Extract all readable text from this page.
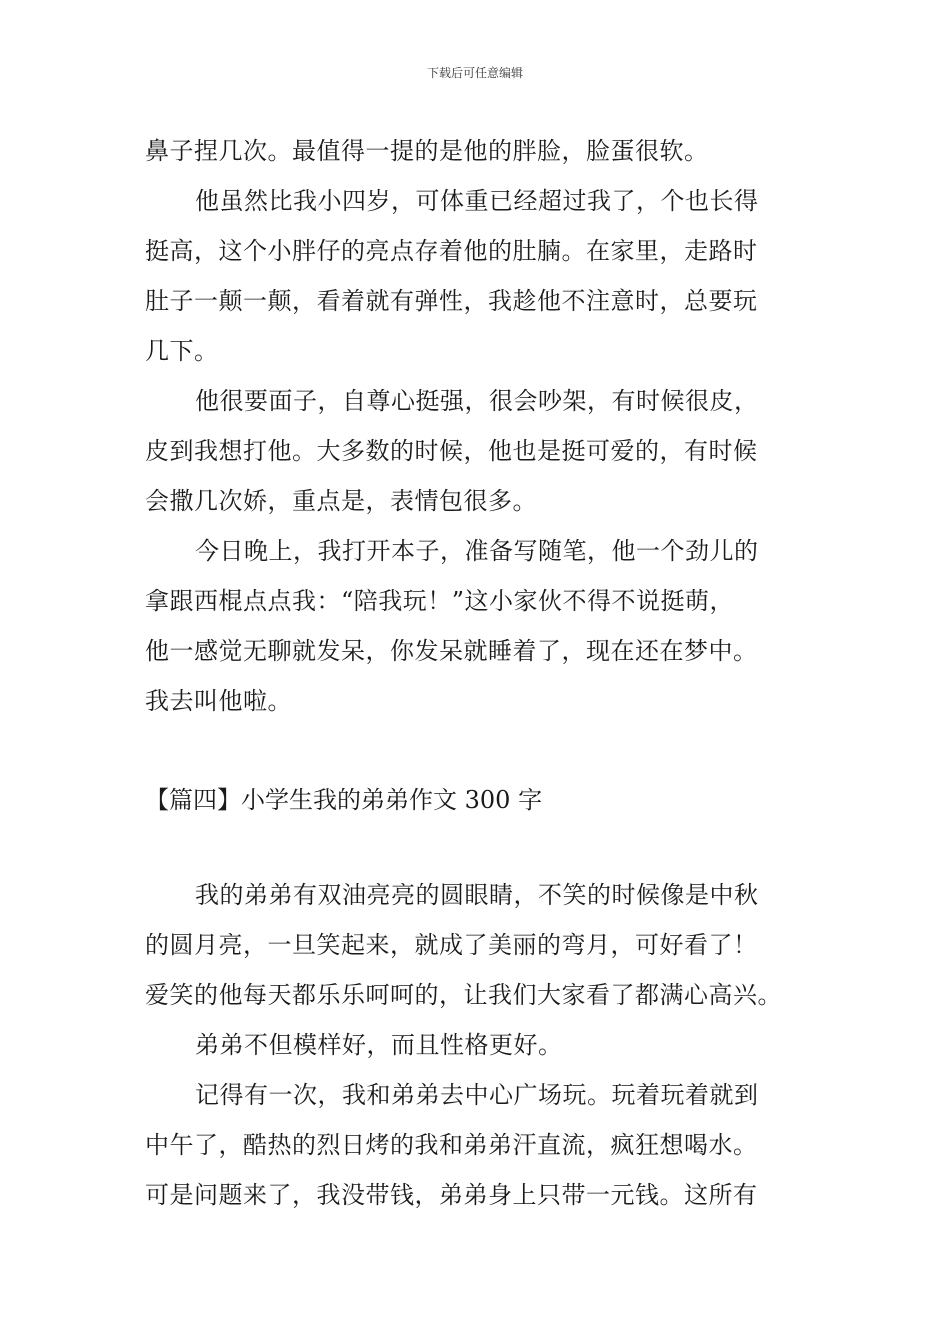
下载后可任意编辑
鼻子捏几次。最值得一提的是他的胖脸，脸蛋很软。
他虽然比我小四岁，可体重已经超过我了，个也长得
挺高，这个小胖仔的亮点存着他的肚腩。在家里，走路时
肚子一颠一颠，看着就有弹性，我趁他不注意时，总要玩
几下。
他很要面子，自尊心挺强，很会吵架，有时候很皮，
皮到我想打他。大多数的时候，他也是挺可爱的，有时候
会撒几次娇，重点是，表情包很多。
今日晚上，我打开本子，准备写随笔，他一个劲儿的
拿跟西棍点点我：“陪我玩！”这小家伙不得不说挺萌，
他一感觉无聊就发呆，你发呆就睡着了，现在还在梦中。
我去叫他啦。
【篇四】小学生我的弟弟作文 300 字
我的弟弟有双油亮亮的圆眼睛，不笑的时候像是中秋
的圆月亮，一旦笑起来，就成了美丽的弯月，可好看了！
爱笑的他每天都乐乐呵呵的，让我们大家看了都满心高兴。
弟弟不但模样好，而且性格更好。
记得有一次，我和弟弟去中心广场玩。玩着玩着就到
中午了，酷热的烈日烤的我和弟弟汗直流，疯狂想喝水。
可是问题来了，我没带钱，弟弟身上只带一元钱。这所有
